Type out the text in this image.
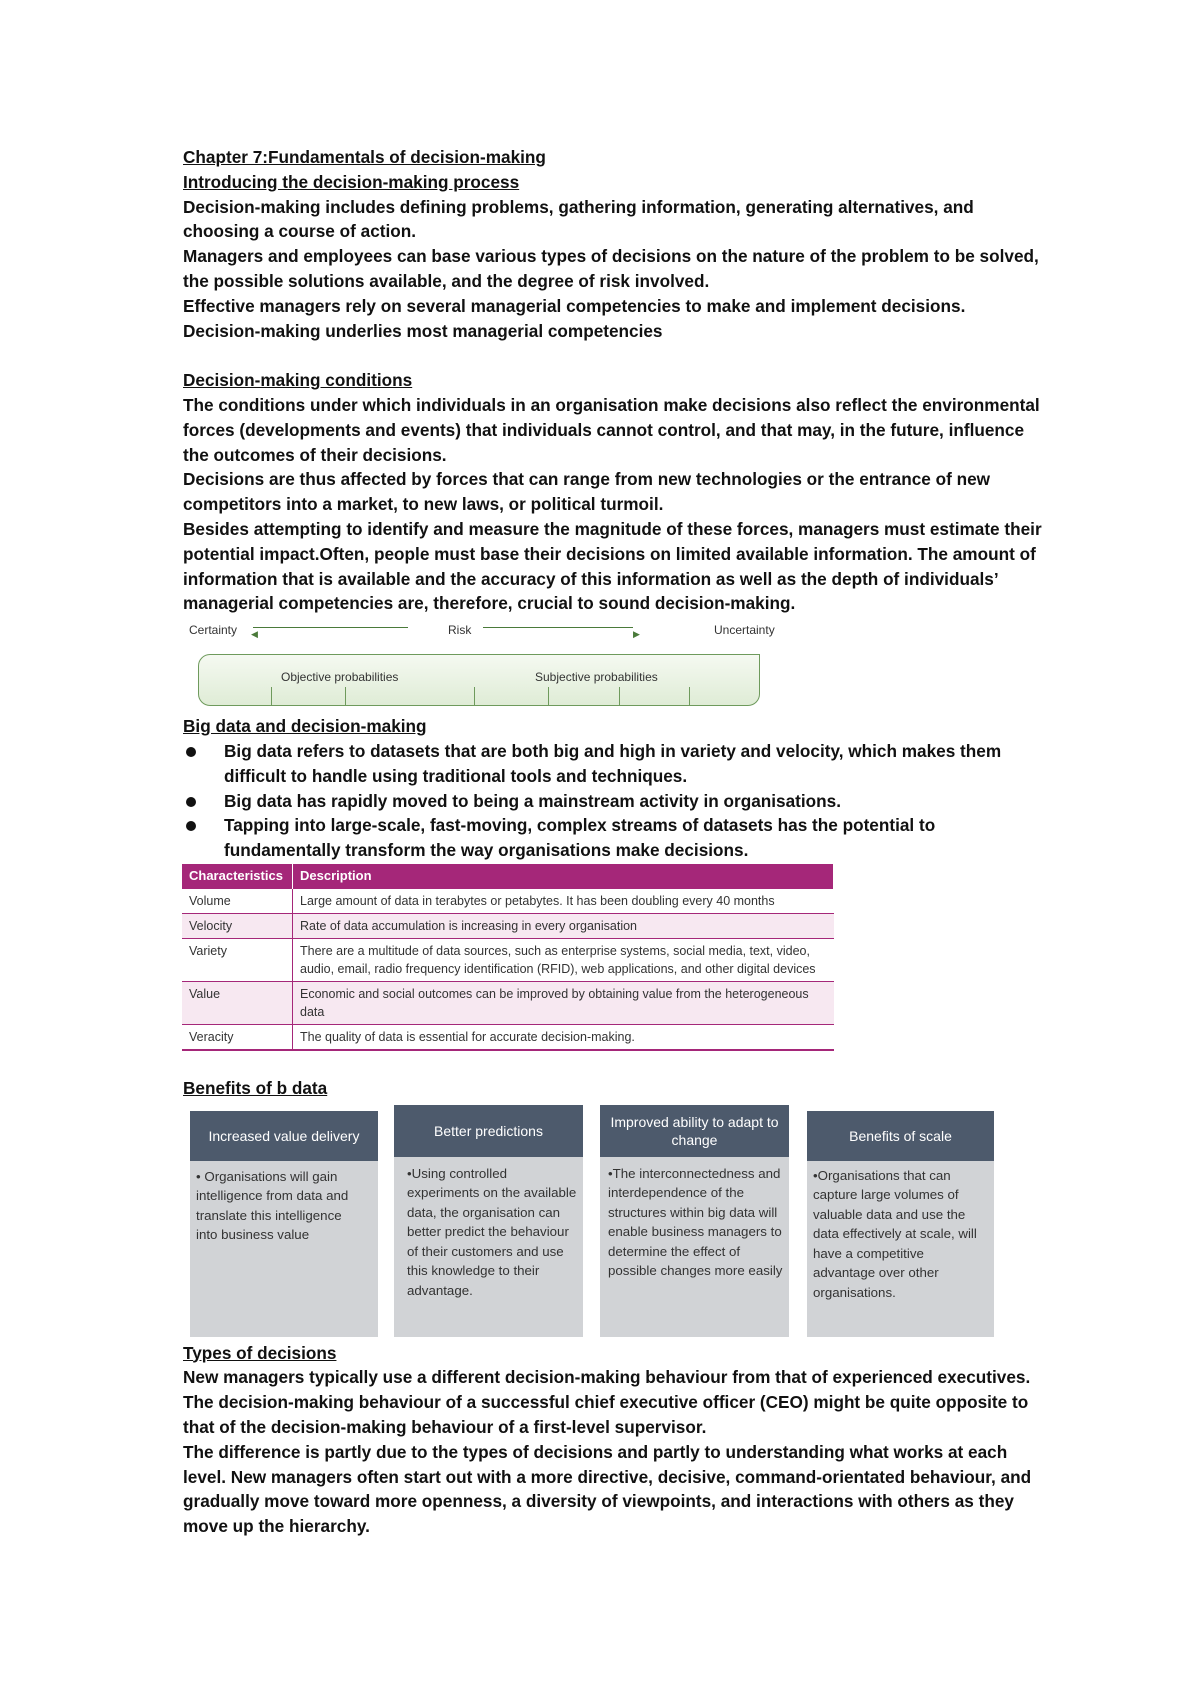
Chapter 7:Fundamentals of decision-making

Introducing the decision-making process

Decision-making includes defining problems, gathering information, generating alternatives, and choosing a course of action.

Managers and employees can base various types of decisions on the nature of the problem to be solved, the possible solutions available, and the degree of risk involved.

Effective managers rely on several managerial competencies to make and implement decisions.

Decision-making underlies most managerial competencies

Decision-making conditions

The conditions under which individuals in an organisation make decisions also reflect the environmental forces (developments and events) that individuals cannot control, and that may, in the future, influence the outcomes of their decisions.

Decisions are thus affected by forces that can range from new technologies or the entrance of new competitors into a market, to new laws, or political turmoil.

Besides attempting to identify and measure the magnitude of these forces, managers must estimate their potential impact.Often, people must base their decisions on limited available information. The amount of information that is available and the accuracy of this information as well as the depth of individuals’ managerial competencies are, therefore, crucial to sound decision-making.

Certainty ◀	Risk	▶	Uncertainty
Objective probabilities	Subjective probabilities

Big data and decision-making

Big data refers to datasets that are both big and high in variety and velocity, which makes them difficult to handle using traditional tools and techniques.
Big data has rapidly moved to being a mainstream activity in organisations.
Tapping into large-scale, fast-moving, complex streams of datasets has the potential to fundamentally transform the way organisations make decisions.
Characteristics	Description
Volume	Large amount of data in terabytes or petabytes. It has been doubling every 40 months
Velocity	Rate of data accumulation is increasing in every organisation
Variety	There are a multitude of data sources, such as enterprise systems, social media, text, video, audio, email, radio frequency identification (RFID), web applications, and other digital devices
Value	Economic and social outcomes can be improved by obtaining value from the heterogeneous data
Veracity	The quality of data is essential for accurate decision-making.

Benefits of b data

Increased value delivery
• Organisations will gain intelligence from data and translate this intelligence into business value
Better predictions
•Using controlled experiments on the available data, the organisation can better predict the behaviour of their customers and use this knowledge to their advantage.
Improved ability to adapt to change
•The interconnectedness and interdependence of the structures within big data will enable business managers to determine the effect of possible changes more easily
Benefits of scale
•Organisations that can capture large volumes of valuable data and use the data effectively at scale, will have a competitive advantage over other organisations.

Types of decisions

New managers typically use a different decision-making behaviour from that of experienced executives. The decision-making behaviour of a successful chief executive officer (CEO) might be quite opposite to that of the decision-making behaviour of a first-level supervisor.

The difference is partly due to the types of decisions and partly to understanding what works at each level. New managers often start out with a more directive, decisive, command-orientated behaviour, and gradually move toward more openness, a diversity of viewpoints, and interactions with others as they move up the hierarchy.
